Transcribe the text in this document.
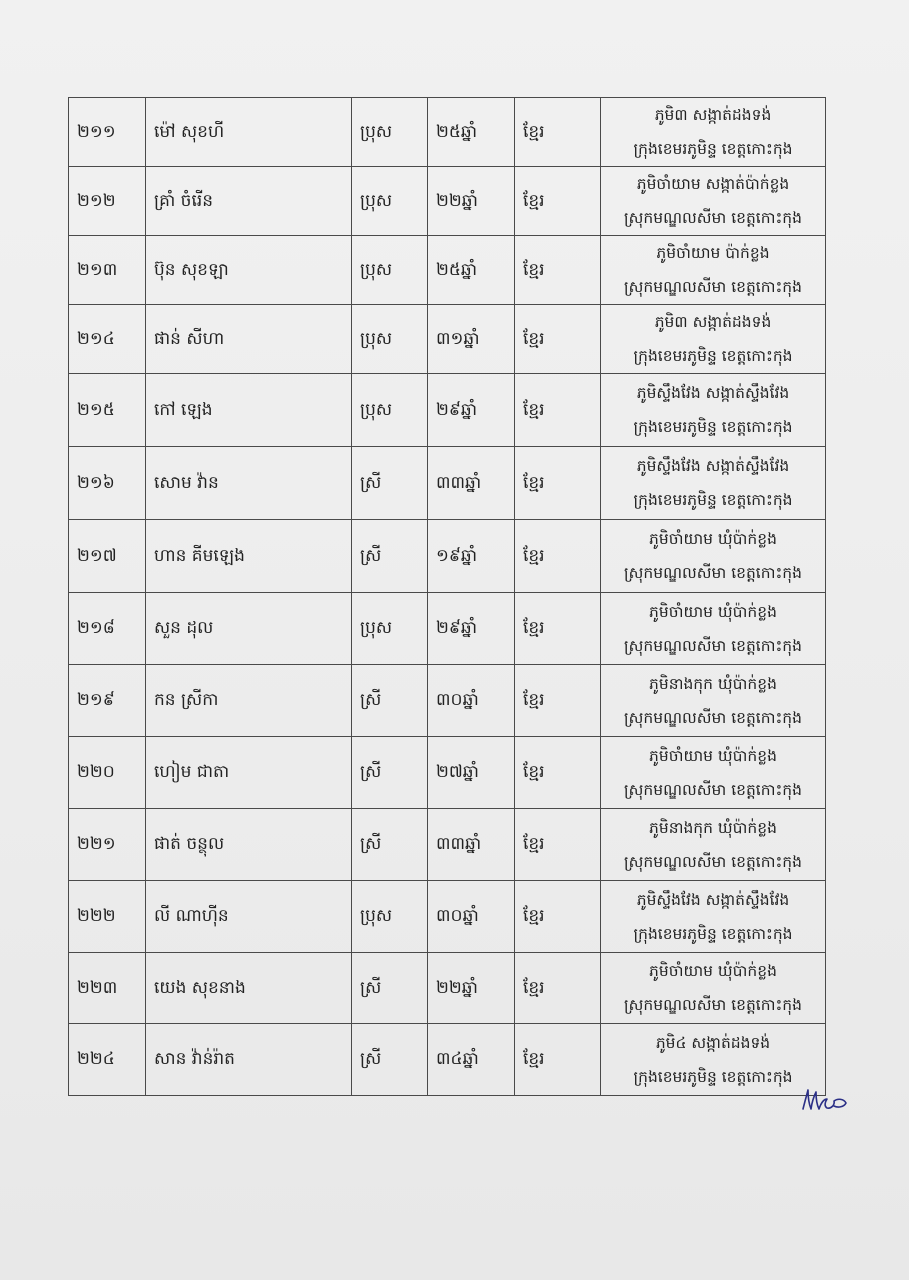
២១១	ម៉ៅ សុខហី	ប្រុស	២៥ឆ្នាំ	ខ្មែរ	ភូមិ៣ សង្កាត់ដងទង់
ក្រុងខេមរភូមិន្ទ ខេត្តកោះកុង

២១២	គ្រាំ ចំរើន	ប្រុស	២២ឆ្នាំ	ខ្មែរ	ភូមិចាំយាម សង្កាត់ប៉ាក់ខ្លង
ស្រុកមណ្ឌលសីមា ខេត្តកោះកុង

២១៣	ប៊ុន សុខឡា	ប្រុស	២៥ឆ្នាំ	ខ្មែរ	ភូមិចាំយាម ប៉ាក់ខ្លង
ស្រុកមណ្ឌលសីមា ខេត្តកោះកុង

២១៤	ផាន់ សីហា	ប្រុស	៣១ឆ្នាំ	ខ្មែរ	ភូមិ៣ សង្កាត់ដងទង់
ក្រុងខេមរភូមិន្ទ ខេត្តកោះកុង

២១៥	កៅ ឡេង	ប្រុស	២៩ឆ្នាំ	ខ្មែរ	ភូមិស្ទឹងវែង សង្កាត់ស្ទឹងវែង
ក្រុងខេមរភូមិន្ទ ខេត្តកោះកុង

២១៦	សោម វ៉ាន	ស្រី	៣៣ឆ្នាំ	ខ្មែរ	ភូមិស្ទឹងវែង សង្កាត់ស្ទឹងវែង
ក្រុងខេមរភូមិន្ទ ខេត្តកោះកុង

២១៧	ហាន គីមឡេង	ស្រី	១៩ឆ្នាំ	ខ្មែរ	ភូមិចាំយាម ឃុំប៉ាក់ខ្លង
ស្រុកមណ្ឌលសីមា ខេត្តកោះកុង

២១៨	សួន ដុល	ប្រុស	២៩ឆ្នាំ	ខ្មែរ	ភូមិចាំយាម ឃុំប៉ាក់ខ្លង
ស្រុកមណ្ឌលសីមា ខេត្តកោះកុង

២១៩	កន ស្រីកា	ស្រី	៣០ឆ្នាំ	ខ្មែរ	ភូមិនាងកុក ឃុំប៉ាក់ខ្លង
ស្រុកមណ្ឌលសីមា ខេត្តកោះកុង

២២០	ហៀម ជាតា	ស្រី	២៧ឆ្នាំ	ខ្មែរ	ភូមិចាំយាម ឃុំប៉ាក់ខ្លង
ស្រុកមណ្ឌលសីមា ខេត្តកោះកុង

២២១	ផាត់ ចន្ថុល	ស្រី	៣៣ឆ្នាំ	ខ្មែរ	ភូមិនាងកុក ឃុំប៉ាក់ខ្លង
ស្រុកមណ្ឌលសីមា ខេត្តកោះកុង

២២២	លី ណាហ៊ីន	ប្រុស	៣០ឆ្នាំ	ខ្មែរ	ភូមិស្ទឹងវែង សង្កាត់ស្ទឹងវែង
ក្រុងខេមរភូមិន្ទ ខេត្តកោះកុង

២២៣	យេង សុខនាង	ស្រី	២២ឆ្នាំ	ខ្មែរ	ភូមិចាំយាម ឃុំប៉ាក់ខ្លង
ស្រុកមណ្ឌលសីមា ខេត្តកោះកុង

២២៤	សាន វ៉ាន់រ៉ាត	ស្រី	៣៤ឆ្នាំ	ខ្មែរ	ភូមិ៤ សង្កាត់ដងទង់
ក្រុងខេមរភូមិន្ទ ខេត្តកោះកុង
